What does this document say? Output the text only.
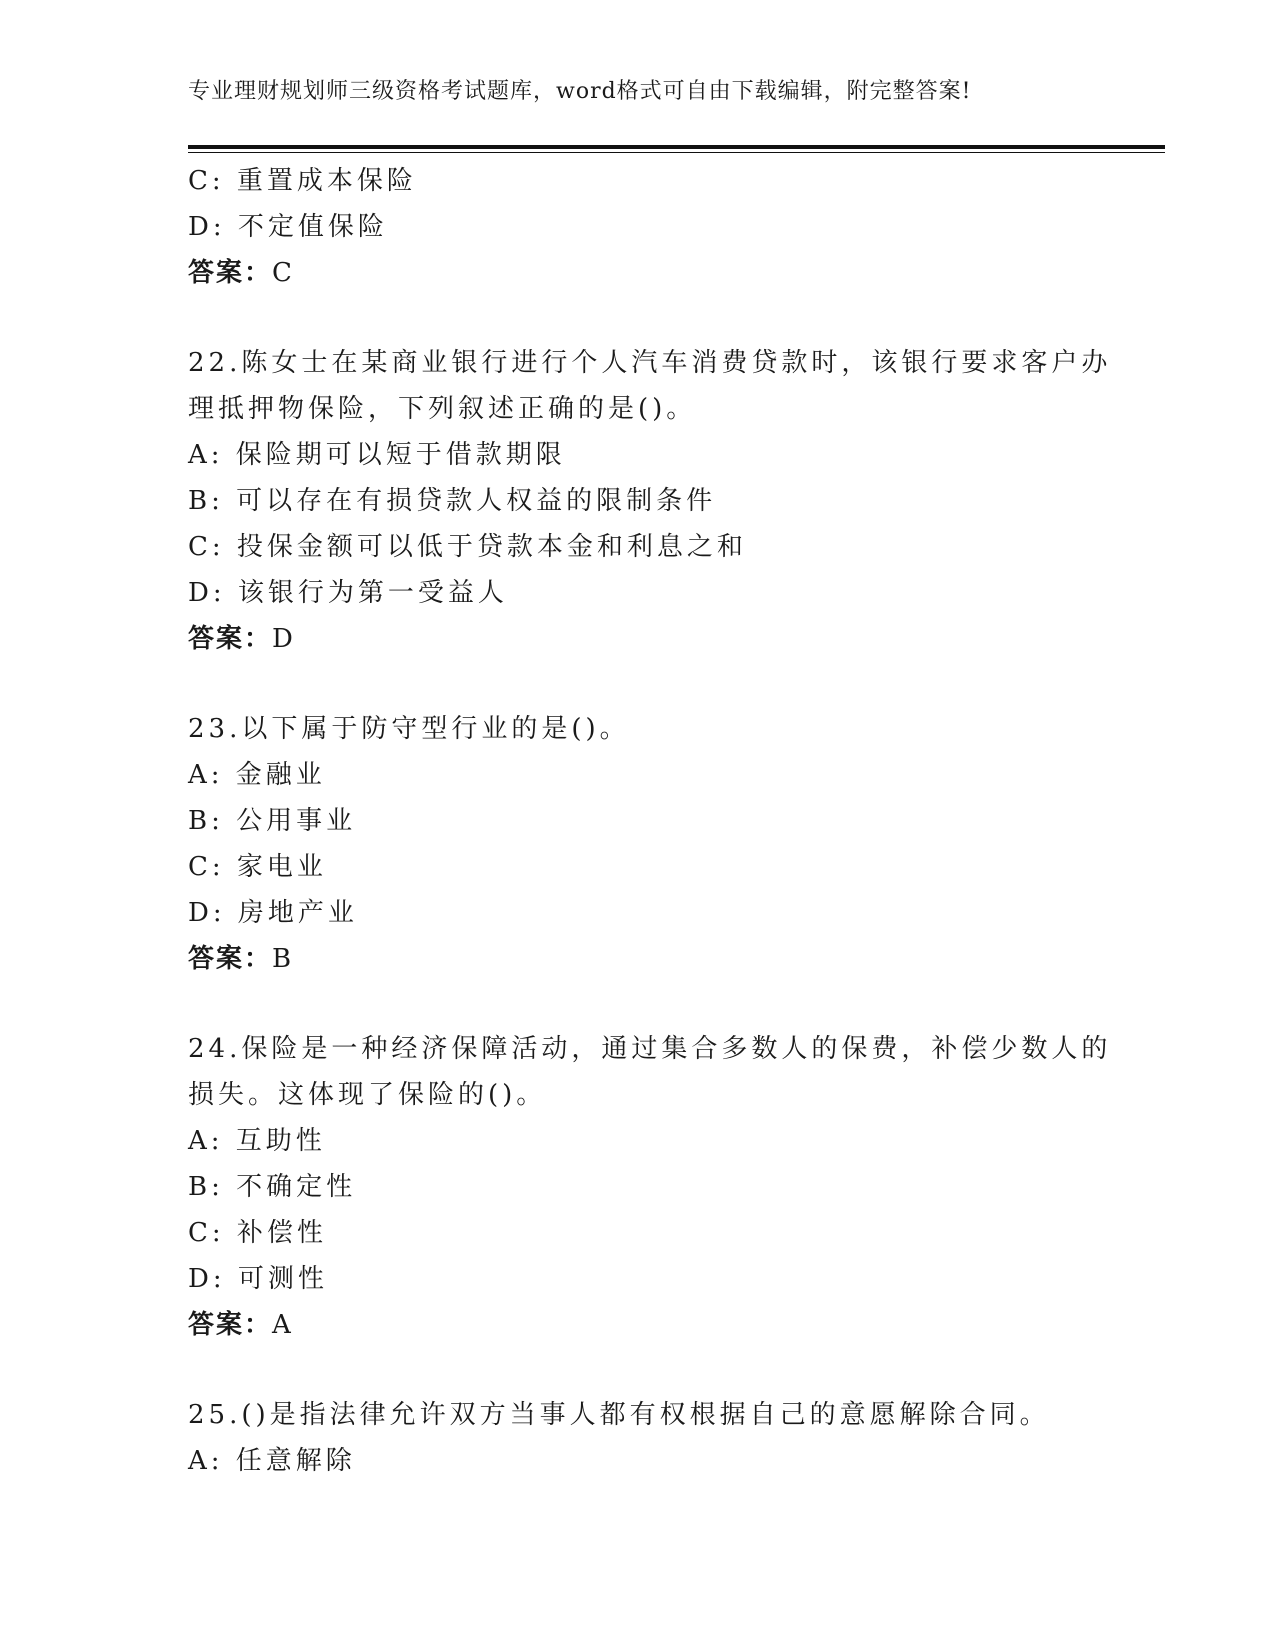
专业理财规划师三级资格考试题库，word格式可自由下载编辑，附完整答案!
C: 重置成本保险
D: 不定值保险
答案：C
22.陈女士在某商业银行进行个人汽车消费贷款时，该银行要求客户办
理抵押物保险，下列叙述正确的是()。
A: 保险期可以短于借款期限
B: 可以存在有损贷款人权益的限制条件
C: 投保金额可以低于贷款本金和利息之和
D: 该银行为第一受益人
答案：D
23.以下属于防守型行业的是()。
A: 金融业
B: 公用事业
C: 家电业
D: 房地产业
答案：B
24.保险是一种经济保障活动，通过集合多数人的保费，补偿少数人的
损失。这体现了保险的()。
A: 互助性
B: 不确定性
C: 补偿性
D: 可测性
答案：A
25.()是指法律允许双方当事人都有权根据自己的意愿解除合同。
A: 任意解除
